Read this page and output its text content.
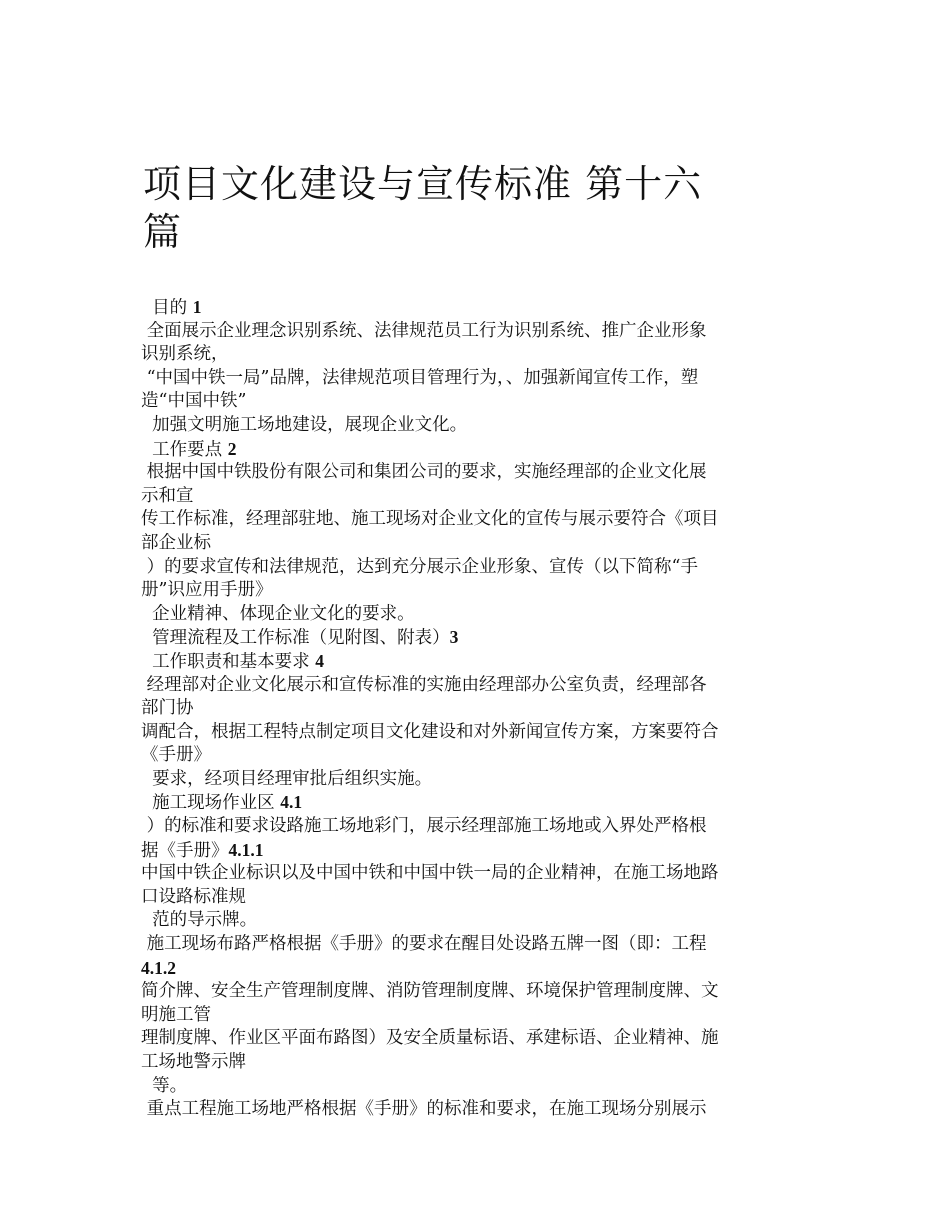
项目文化建设与宣传标准 第十六
篇
目的 1
全面展示企业理念识别系统、法律规范员工行为识别系统、推广企业形象
识别系统，
“中国中铁一局”品牌，法律规范项目管理行为，、加强新闻宣传工作，塑
造“中国中铁”
加强文明施工场地建设，展现企业文化。
工作要点 2
根据中国中铁股份有限公司和集团公司的要求，实施经理部的企业文化展
示和宣
传工作标准，经理部驻地、施工现场对企业文化的宣传与展示要符合《项目
部企业标
）的要求宣传和法律规范，达到充分展示企业形象、宣传（以下简称“手
册”识应用手册》
企业精神、体现企业文化的要求。
管理流程及工作标准（见附图、附表）3
工作职责和基本要求 4
经理部对企业文化展示和宣传标准的实施由经理部办公室负责，经理部各
部门协
调配合，根据工程特点制定项目文化建设和对外新闻宣传方案，方案要符合
《手册》
要求，经项目经理审批后组织实施。
施工现场作业区 4.1
）的标准和要求设路施工场地彩门，展示经理部施工场地或入界处严格根
据《手册》4.1.1
中国中铁企业标识以及中国中铁和中国中铁一局的企业精神，在施工场地路
口设路标准规
范的导示牌。
施工现场布路严格根据《手册》的要求在醒目处设路五牌一图（即：工程
4.1.2
简介牌、安全生产管理制度牌、消防管理制度牌、环境保护管理制度牌、文
明施工管
理制度牌、作业区平面布路图）及安全质量标语、承建标语、企业精神、施
工场地警示牌
等。
重点工程施工场地严格根据《手册》的标准和要求，在施工现场分别展示
